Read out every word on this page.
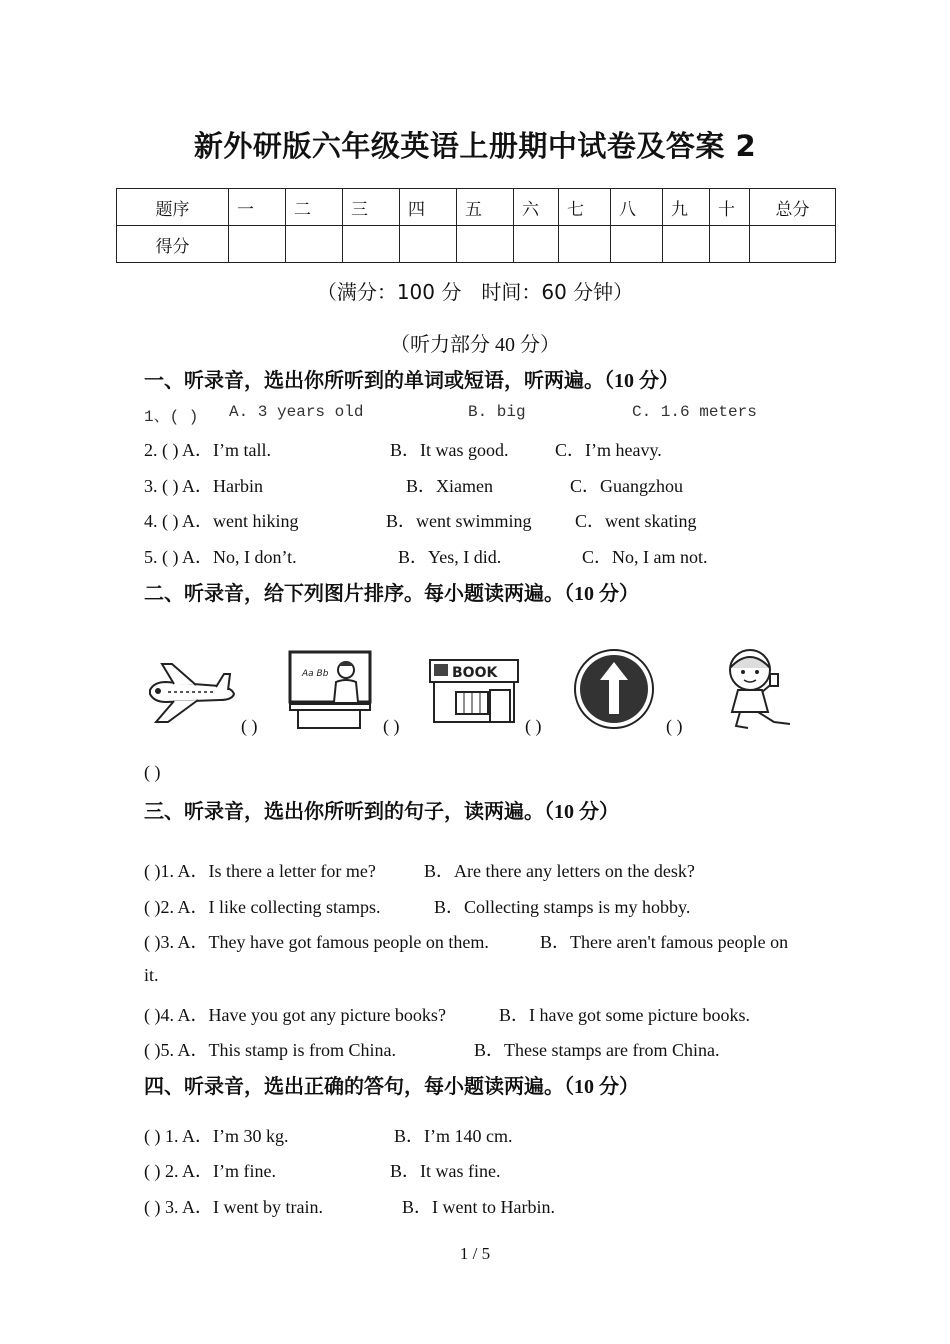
新外研版六年级英语上册期中试卷及答案 2
题序	一	二	三	四	五	六	七	八	九	十	总分
得分											
（满分：100 分　时间：60 分钟）
（听力部分 40 分）
一、听录音，选出你所听到的单词或短语，听两遍。（10 分）
1、( ) A. 3 years old	B. big	C. 1.6 meters
2. ( ) A．I’m tall.	B．It was good.	C．I’m heavy.
3. ( ) A．Harbin	B．Xiamen	C．Guangzhou
4. ( ) A．went hiking	B．went swimming C．went skating
5. ( ) A．No, I don’t.	B．Yes, I did.	C．No, I am not.
二、听录音，给下列图片排序。每小题读两遍。（10 分）
( )
Aa Bb
( )
BOOK
( )	( )
( )
三、听录音，选出你所听到的句子，读两遍。（10 分）
( )1. A．Is there a letter for me?	B．Are there any letters on the desk?
( )2. A．I like collecting stamps.	B．Collecting stamps is my hobby.
( )3. A．They have got famous people on them.	B．There aren't famous people on
it.
( )4. A．Have you got any picture books?	B．I have got some picture books.
( )5. A．This stamp is from China.	B．These stamps are from China.
四、听录音，选出正确的答句，每小题读两遍。（10 分）
( ) 1. A．I’m 30 kg.	B．I’m 140 cm.
( ) 2. A．I’m fine.	B．It was fine.
( ) 3. A．I went by train.	B．I went to Harbin.
1 / 5
